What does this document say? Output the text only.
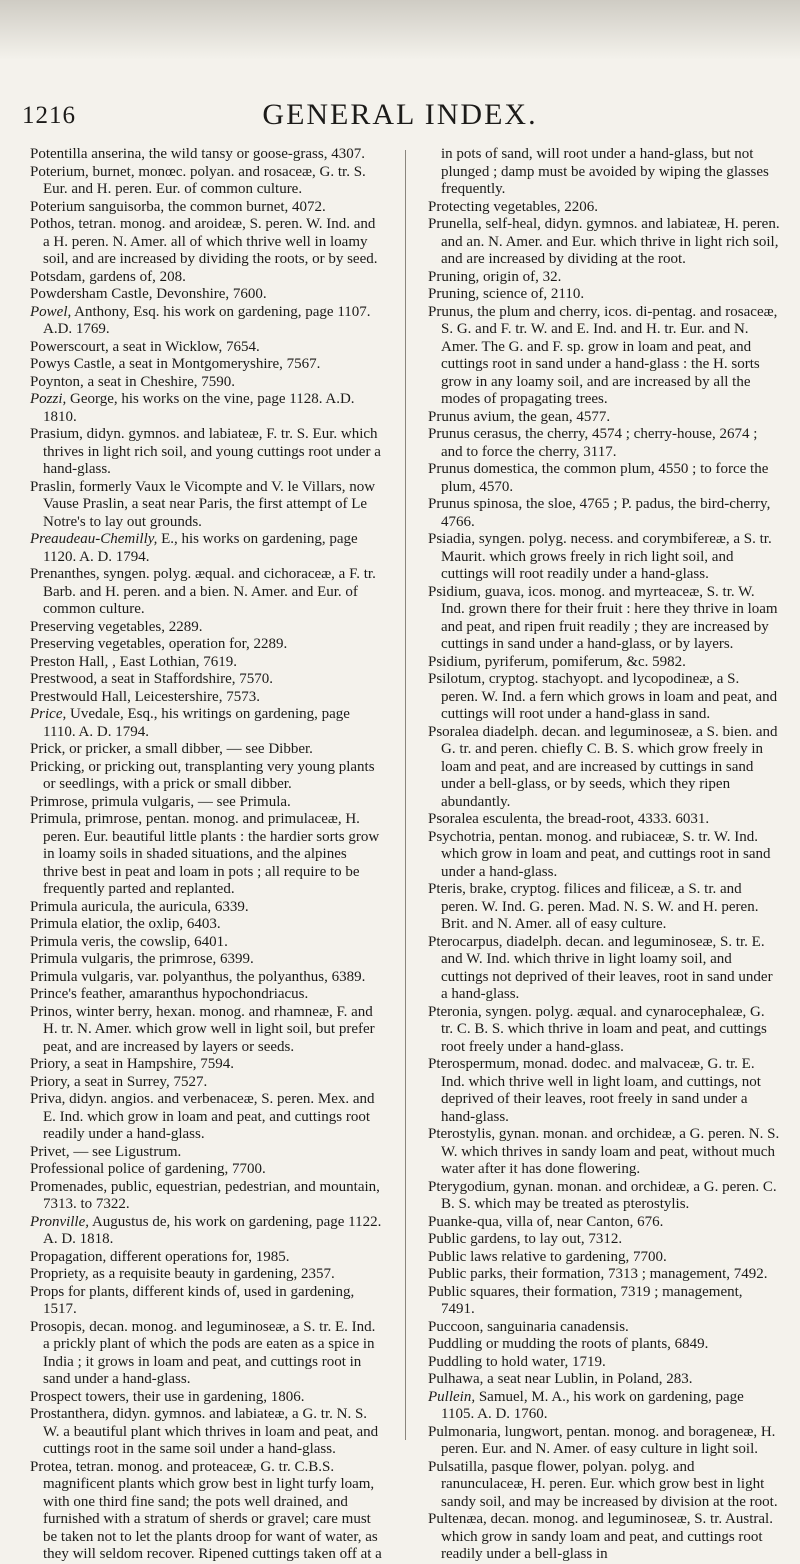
1216	GENERAL INDEX.

Potentilla anserina, the wild tansy or goose-grass, 4307.

Poterium, burnet, monœc. polyan. and rosaceæ, G. tr. S. Eur. and H. peren. Eur. of common culture.

Poterium sanguisorba, the common burnet, 4072.

Pothos, tetran. monog. and aroideæ, S. peren. W. Ind. and a H. peren. N. Amer. all of which thrive well in loamy soil, and are increased by dividing the roots, or by seed.

Potsdam, gardens of, 208.

Powdersham Castle, Devonshire, 7600.

Powel, Anthony, Esq. his work on gardening, page 1107. A.D. 1769.

Powerscourt, a seat in Wicklow, 7654.

Powys Castle, a seat in Montgomeryshire, 7567.

Poynton, a seat in Cheshire, 7590.

Pozzi, George, his works on the vine, page 1128. A.D. 1810.

Prasium, didyn. gymnos. and labiateæ, F. tr. S. Eur. which thrives in light rich soil, and young cuttings root under a hand-glass.

Praslin, formerly Vaux le Vicompte and V. le Villars, now Vause Praslin, a seat near Paris, the first attempt of Le Notre's to lay out grounds.

Preaudeau-Chemilly, E., his works on gardening, page 1120. A. D. 1794.

Prenanthes, syngen. polyg. æqual. and cichoraceæ, a F. tr. Barb. and H. peren. and a bien. N. Amer. and Eur. of common culture.

Preserving vegetables, 2289.

Preserving vegetables, operation for, 2289.

Preston Hall, , East Lothian, 7619.

Prestwood, a seat in Staffordshire, 7570.

Prestwould Hall, Leicestershire, 7573.

Price, Uvedale, Esq., his writings on gardening, page 1110. A. D. 1794.

Prick, or pricker, a small dibber, — see Dibber.

Pricking, or pricking out, transplanting very young plants or seedlings, with a prick or small dibber.

Primrose, primula vulgaris, — see Primula.

Primula, primrose, pentan. monog. and primulaceæ, H. peren. Eur. beautiful little plants : the hardier sorts grow in loamy soils in shaded situations, and the alpines thrive best in peat and loam in pots ; all require to be frequently parted and replanted.

Primula auricula, the auricula, 6339.

Primula elatior, the oxlip, 6403.

Primula veris, the cowslip, 6401.

Primula vulgaris, the primrose, 6399.

Primula vulgaris, var. polyanthus, the polyanthus, 6389.

Prince's feather, amaranthus hypochondriacus.

Prinos, winter berry, hexan. monog. and rhamneæ, F. and H. tr. N. Amer. which grow well in light soil, but prefer peat, and are increased by layers or seeds.

Priory, a seat in Hampshire, 7594.

Priory, a seat in Surrey, 7527.

Priva, didyn. angios. and verbenaceæ, S. peren. Mex. and E. Ind. which grow in loam and peat, and cuttings root readily under a hand-glass.

Privet, — see Ligustrum.

Professional police of gardening, 7700.

Promenades, public, equestrian, pedestrian, and mountain, 7313. to 7322.

Pronville, Augustus de, his work on gardening, page 1122. A. D. 1818.

Propagation, different operations for, 1985.

Propriety, as a requisite beauty in gardening, 2357.

Props for plants, different kinds of, used in gardening, 1517.

Prosopis, decan. monog. and leguminoseæ, a S. tr. E. Ind. a prickly plant of which the pods are eaten as a spice in India ; it grows in loam and peat, and cuttings root in sand under a hand-glass.

Prospect towers, their use in gardening, 1806.

Prostanthera, didyn. gymnos. and labiateæ, a G. tr. N. S. W. a beautiful plant which thrives in loam and peat, and cuttings root in the same soil under a hand-glass.

Protea, tetran. monog. and proteaceæ, G. tr. C.B.S. magnificent plants which grow best in light turfy loam, with one third fine sand; the pots well drained, and furnished with a stratum of sherds or gravel; care must be taken not to let the plants droop for want of water, as they will seldom recover. Ripened cuttings taken off at a

in pots of sand, will root under a hand-glass, but not plunged ; damp must be avoided by wiping the glasses frequently.

Protecting vegetables, 2206.

Prunella, self-heal, didyn. gymnos. and labiateæ, H. peren. and an. N. Amer. and Eur. which thrive in light rich soil, and are increased by dividing at the root.

Pruning, origin of, 32.

Pruning, science of, 2110.

Prunus, the plum and cherry, icos. di-pentag. and rosaceæ, S. G. and F. tr. W. and E. Ind. and H. tr. Eur. and N. Amer. The G. and F. sp. grow in loam and peat, and cuttings root in sand under a hand-glass : the H. sorts grow in any loamy soil, and are increased by all the modes of propagating trees.

Prunus avium, the gean, 4577.

Prunus cerasus, the cherry, 4574 ; cherry-house, 2674 ; and to force the cherry, 3117.

Prunus domestica, the common plum, 4550 ; to force the plum, 4570.

Prunus spinosa, the sloe, 4765 ; P. padus, the bird-cherry, 4766.

Psiadia, syngen. polyg. necess. and corymbifereæ, a S. tr. Maurit. which grows freely in rich light soil, and cuttings will root readily under a hand-glass.

Psidium, guava, icos. monog. and myrteaceæ, S. tr. W. Ind. grown there for their fruit : here they thrive in loam and peat, and ripen fruit readily ; they are increased by cuttings in sand under a hand-glass, or by layers.

Psidium, pyriferum, pomiferum, &c. 5982.

Psilotum, cryptog. stachyopt. and lycopodineæ, a S. peren. W. Ind. a fern which grows in loam and peat, and cuttings will root under a hand-glass in sand.

Psoralea diadelph. decan. and leguminoseæ, a S. bien. and G. tr. and peren. chiefly C. B. S. which grow freely in loam and peat, and are increased by cuttings in sand under a bell-glass, or by seeds, which they ripen abundantly.

Psoralea esculenta, the bread-root, 4333. 6031.

Psychotria, pentan. monog. and rubiaceæ, S. tr. W. Ind. which grow in loam and peat, and cuttings root in sand under a hand-glass.

Pteris, brake, cryptog. filices and filiceæ, a S. tr. and peren. W. Ind. G. peren. Mad. N. S. W. and H. peren. Brit. and N. Amer. all of easy culture.

Pterocarpus, diadelph. decan. and leguminoseæ, S. tr. E. and W. Ind. which thrive in light loamy soil, and cuttings not deprived of their leaves, root in sand under a hand-glass.

Pteronia, syngen. polyg. æqual. and cynarocephaleæ, G. tr. C. B. S. which thrive in loam and peat, and cuttings root freely under a hand-glass.

Pterospermum, monad. dodec. and malvaceæ, G. tr. E. Ind. which thrive well in light loam, and cuttings, not deprived of their leaves, root freely in sand under a hand-glass.

Pterostylis, gynan. monan. and orchideæ, a G. peren. N. S. W. which thrives in sandy loam and peat, without much water after it has done flowering.

Pterygodium, gynan. monan. and orchideæ, a G. peren. C. B. S. which may be treated as pterostylis.

Puanke-qua, villa of, near Canton, 676.

Public gardens, to lay out, 7312.

Public laws relative to gardening, 7700.

Public parks, their formation, 7313 ; management, 7492.

Public squares, their formation, 7319 ; management, 7491.

Puccoon, sanguinaria canadensis.

Puddling or mudding the roots of plants, 6849.

Puddling to hold water, 1719.

Pulhawa, a seat near Lublin, in Poland, 283.

Pullein, Samuel, M. A., his work on gardening, page 1105. A. D. 1760.

Pulmonaria, lungwort, pentan. monog. and borageneæ, H. peren. Eur. and N. Amer. of easy culture in light soil.

Pulsatilla, pasque flower, polyan. polyg. and ranunculaceæ, H. peren. Eur. which grow best in light sandy soil, and may be increased by division at the root.

Pultenæa, decan. monog. and leguminoseæ, S. tr. Austral. which grow in sandy loam and peat, and cuttings root readily under a bell-glass in
